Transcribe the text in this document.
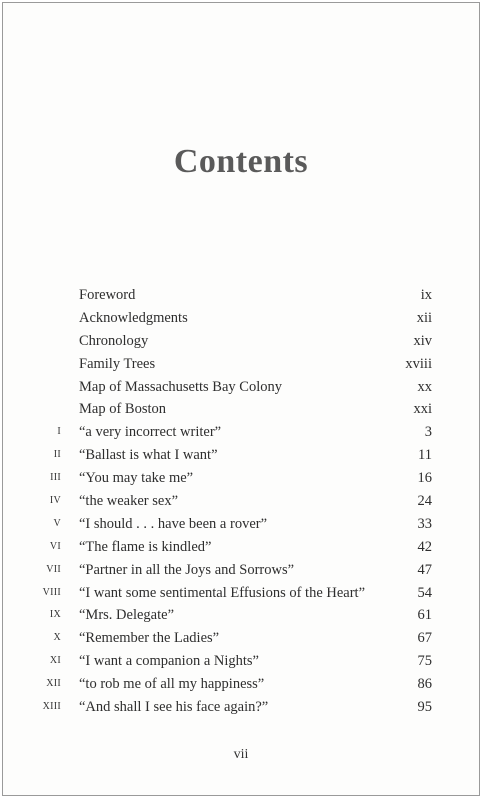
Contents
Foreword	ix
Acknowledgments	xii
Chronology	xiv
Family Trees	xviii
Map of Massachusetts Bay Colony	xx
Map of Boston	xxi
I “a very incorrect writer”	3
II “Ballast is what I want”	11
III “You may take me”	16
IV “the weaker sex”	24
V “I should . . . have been a rover”	33
VI “The flame is kindled”	42
VII “Partner in all the Joys and Sorrows”	47
VIII “I want some sentimental Effusions of the Heart”	54
IX “Mrs. Delegate”	61
X “Remember the Ladies”	67
XI “I want a companion a Nights”	75
XII “to rob me of all my happiness”	86
XIII “And shall I see his face again?”	95
vii
